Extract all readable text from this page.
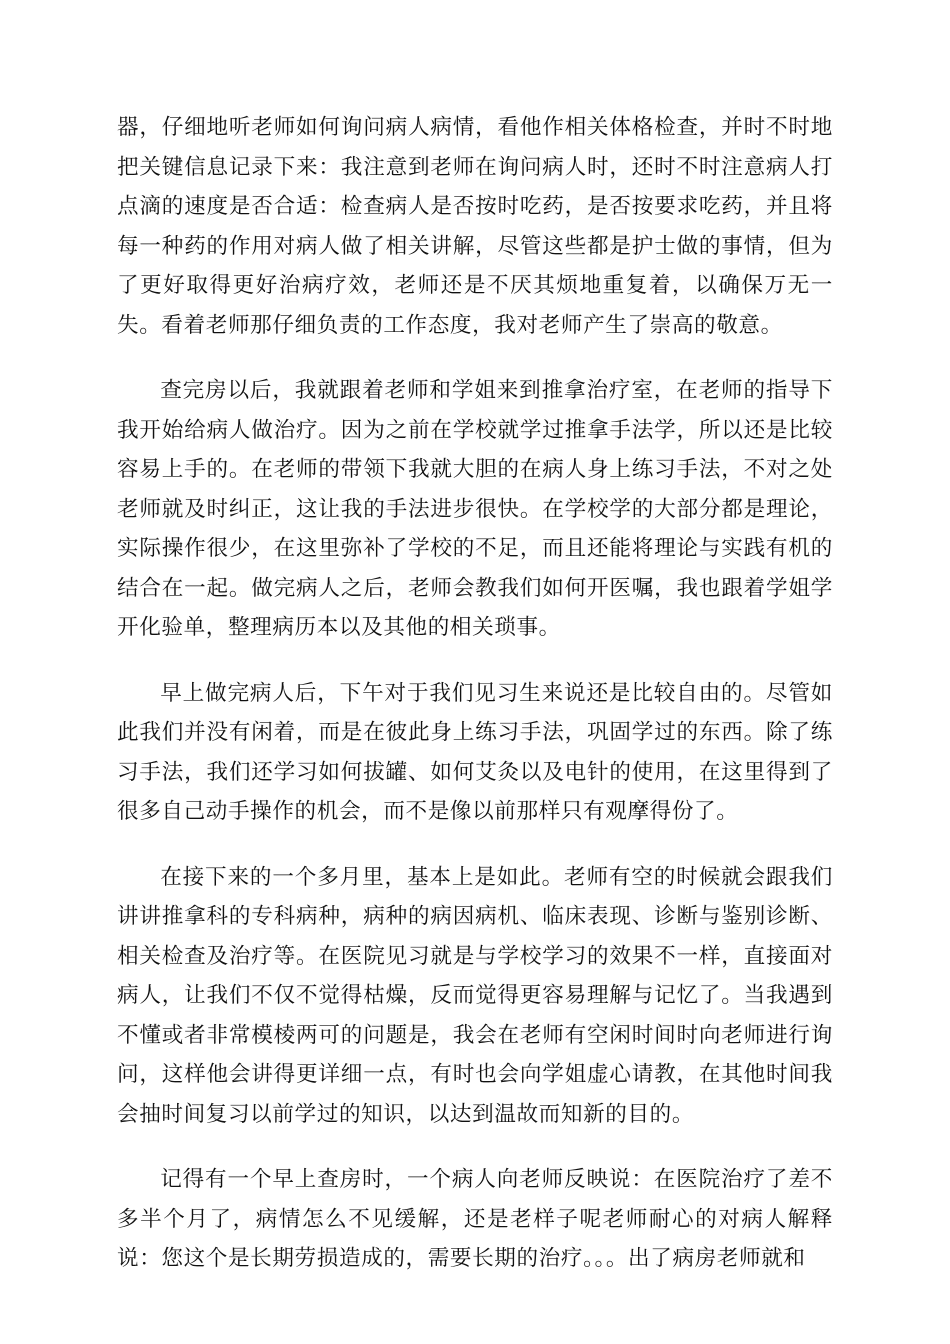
器，仔细地听老师如何询问病人病情，看他作相关体格检查，并时不时地把关键信息记录下来：我注意到老师在询问病人时，还时不时注意病人打点滴的速度是否合适：检查病人是否按时吃药，是否按要求吃药，并且将每一种药的作用对病人做了相关讲解，尽管这些都是护士做的事情，但为了更好取得更好治病疗效，老师还是不厌其烦地重复着，以确保万无一失。看着老师那仔细负责的工作态度，我对老师产生了崇高的敬意。

查完房以后，我就跟着老师和学姐来到推拿治疗室，在老师的指导下我开始给病人做治疗。因为之前在学校就学过推拿手法学，所以还是比较容易上手的。在老师的带领下我就大胆的在病人身上练习手法，不对之处老师就及时纠正，这让我的手法进步很快。在学校学的大部分都是理论，实际操作很少，在这里弥补了学校的不足，而且还能将理论与实践有机的结合在一起。做完病人之后，老师会教我们如何开医嘱，我也跟着学姐学开化验单，整理病历本以及其他的相关琐事。

早上做完病人后，下午对于我们见习生来说还是比较自由的。尽管如此我们并没有闲着，而是在彼此身上练习手法，巩固学过的东西。除了练习手法，我们还学习如何拔罐、如何艾灸以及电针的使用，在这里得到了很多自己动手操作的机会，而不是像以前那样只有观摩得份了。

在接下来的一个多月里，基本上是如此。老师有空的时候就会跟我们讲讲推拿科的专科病种，病种的病因病机、临床表现、诊断与鉴别诊断、相关检查及治疗等。在医院见习就是与学校学习的效果不一样，直接面对病人，让我们不仅不觉得枯燥，反而觉得更容易理解与记忆了。当我遇到不懂或者非常模棱两可的问题是，我会在老师有空闲时间时向老师进行询问，这样他会讲得更详细一点，有时也会向学姐虚心请教，在其他时间我会抽时间复习以前学过的知识，以达到温故而知新的目的。

记得有一个早上查房时，一个病人向老师反映说：在医院治疗了差不多半个月了，病情怎么不见缓解，还是老样子呢老师耐心的对病人解释说：您这个是长期劳损造成的，需要长期的治疗。。。出了病房老师就和
